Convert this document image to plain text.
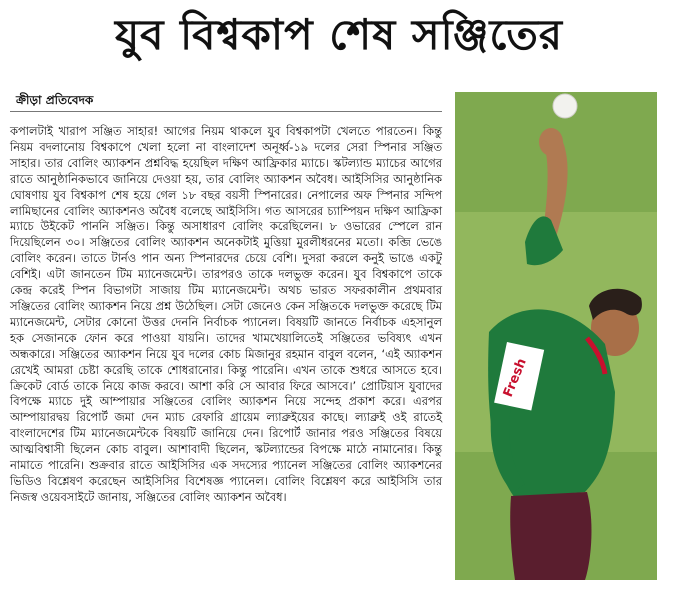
যুব বিশ্বকাপ শেষ সঞ্জিতের
ক্রীড়া প্রতিবেদক

কপালটাই খারাপ সঞ্জিত সাহার! আগের নিয়ম থাকলে যুব বিশ্বকাপটা খেলতে পারতেন। কিন্তু নিয়ম বদলানোয় বিশ্বকাপে খেলা হলো না বাংলাদেশ অনূর্ধ্ব-১৯ দলের সেরা স্পিনার সঞ্জিত সাহার। তার বোলিং অ্যাকশন প্রশ্নবিদ্ধ হয়েছিল দক্ষিণ আফ্রিকার ম্যাচে। স্কটল্যান্ড ম্যাচের আগের রাতে আনুষ্ঠানিকভাবে জানিয়ে দেওয়া হয়, তার বোলিং অ্যাকশন অবৈধ। আইসিসির আনুষ্ঠানিক ঘোষণায় যুব বিশ্বকাপ শেষ হয়ে গেল ১৮ বছর বয়সী স্পিনারের। নেপালের অফ স্পিনার সন্দিপ লামিছানের বোলিং অ্যাকশনও অবৈধ বলেছে আইসিসি। গত আসরের চ্যাম্পিয়ন দক্ষিণ আফ্রিকা ম্যাচে উইকেট পাননি সঞ্জিত। কিন্তু অসাধারণ বোলিং করেছিলেন। ৮ ওভারের স্পেলে রান দিয়েছিলেন ৩০। সঞ্জিতের বোলিং অ্যাকশন অনেকটাই মুত্তিয়া মুরলীধরনের মতো। কব্জি ভেঙে বোলিং করেন। তাতে টার্নও পান অন্য স্পিনারদের চেয়ে বেশি। দুসরা করলে কনুই ভাঙে একটু বেশিই। এটা জানতেন টিম ম্যানেজমেন্ট। তারপরও তাকে দলভুক্ত করেন। যুব বিশ্বকাপে তাকে কেন্দ্র করেই স্পিন বিভাগটা সাজায় টিম ম্যানেজমেন্ট। অথচ ভারত সফরকালীন প্রথমবার সঞ্জিতের বোলিং অ্যাকশন নিয়ে প্রশ্ন উঠেছিল। সেটা জেনেও কেন সঞ্জিতকে দলভুক্ত করেছে টিম ম্যানেজমেন্ট, সেটার কোনো উত্তর দেননি নির্বাচক প্যানেল। বিষয়টি জানতে নির্বাচক এহসানুল হক সেজানকে ফোন করে পাওয়া যায়নি। তাদের খামখেয়ালিতেই সঞ্জিতের ভবিষ্যৎ এখন অন্ধকারে। সঞ্জিতের অ্যাকশন নিয়ে যুব দলের কোচ মিজানুর রহমান বাবুল বলেন, ‘এই অ্যাকশন রেখেই আমরা চেষ্টা করেছি তাকে শোধরানোর। কিন্তু পারেনি। এখন তাকে শুধরে আসতে হবে। ক্রিকেট বোর্ড তাকে নিয়ে কাজ করবে। আশা করি সে আবার ফিরে আসবে।’ প্রোটিয়াস যুবাদের বিপক্ষে ম্যাচে দুই আম্পায়ার সঞ্জিতের বোলিং অ্যাকশন নিয়ে সন্দেহ প্রকাশ করে। এরপর আম্পায়ারদ্বয় রিপোর্ট জমা দেন ম্যাচ রেফারি গ্রায়েম ল্যাব্রুইয়ের কাছে। ল্যাব্রুই ওই রাতেই বাংলাদেশের টিম ম্যানেজমেন্টকে বিষয়টি জানিয়ে দেন। রিপোর্ট জানার পরও সঞ্জিতের বিষয়ে আত্মবিশ্বাসী ছিলেন কোচ বাবুল। আশাবাদী ছিলেন, স্কটল্যান্ডের বিপক্ষে মাঠে নামানোর। কিন্তু নামাতে পারেনি। শুক্রবার রাতে আইসিসির এক সদস্যের প্যানেল সঞ্জিতের বোলিং অ্যাকশনের ভিডিও বিশ্লেষণ করেছেন আইসিসির বিশেষজ্ঞ প্যানেল। বোলিং বিশ্লেষণ করে আইসিসি তার নিজস্ব ওয়েবসাইটে জানায়, সঞ্জিতের বোলিং অ্যাকশন অবৈধ।

Fresh
